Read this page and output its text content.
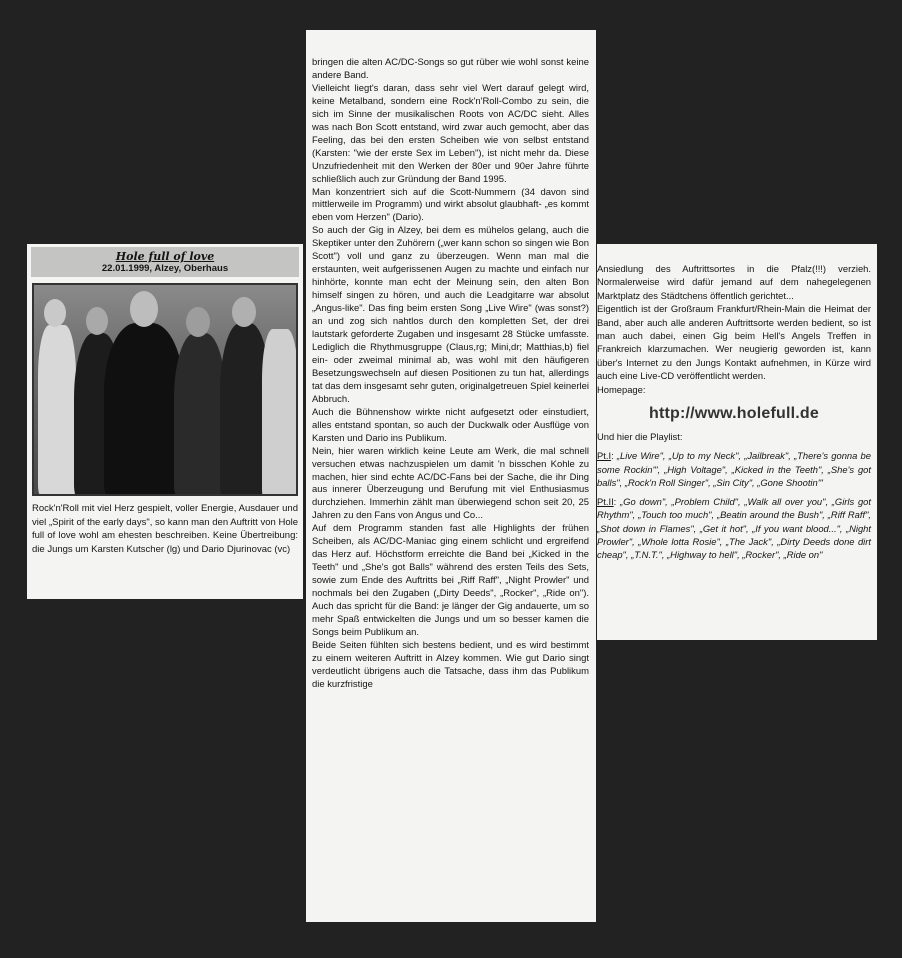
Hole full of love
22.01.1999, Alzey, Oberhaus

Rock'n'Roll mit viel Herz gespielt, voller Energie, Ausdauer und viel „Spirit of the early days", so kann man den Auftritt von Hole full of love wohl am ehesten beschreiben. Keine Übertreibung: die Jungs um Karsten Kutscher (lg) und Dario Djurinovac (vc)

bringen die alten AC/DC-Songs so gut rüber wie wohl sonst keine andere Band.

Vielleicht liegt's daran, dass sehr viel Wert darauf gelegt wird, keine Metalband, sondern eine Rock'n'Roll-Combo zu sein, die sich im Sinne der musikalischen Roots von AC/DC sieht. Alles was nach Bon Scott entstand, wird zwar auch gemocht, aber das Feeling, das bei den ersten Scheiben wie von selbst entstand (Karsten: "wie der erste Sex im Leben"), ist nicht mehr da. Diese Unzufriedenheit mit den Werken der 80er und 90er Jahre führte schließlich auch zur Gründung der Band 1995.

Man konzentriert sich auf die Scott-Nummern (34 davon sind mittlerweile im Programm) und wirkt absolut glaubhaft- „es kommt eben vom Herzen" (Dario).

So auch der Gig in Alzey, bei dem es mühelos gelang, auch die Skeptiker unter den Zuhörern („wer kann schon so singen wie Bon Scott") voll und ganz zu überzeugen. Wenn man mal die erstaunten, weit aufgerissenen Augen zu machte und einfach nur hinhörte, konnte man echt der Meinung sein, den alten Bon himself singen zu hören, und auch die Leadgitarre war absolut „Angus-like". Das fing beim ersten Song „Live Wire" (was sonst?) an und zog sich nahtlos durch den kompletten Set, der drei lautstark geforderte Zugaben und insgesamt 28 Stücke umfasste. Lediglich die Rhythmusgruppe (Claus,rg; Mini,dr; Matthias,b) fiel ein- oder zweimal minimal ab, was wohl mit den häufigeren Besetzungswechseln auf diesen Positionen zu tun hat, allerdings tat das dem insgesamt sehr guten, originalgetreuen Spiel keinerlei Abbruch.

Auch die Bühnenshow wirkte nicht aufgesetzt oder einstudiert, alles entstand spontan, so auch der Duckwalk oder Ausflüge von Karsten und Dario ins Publikum.

Nein, hier waren wirklich keine Leute am Werk, die mal schnell versuchen etwas nachzuspielen um damit 'n bisschen Kohle zu machen, hier sind echte AC/DC-Fans bei der Sache, die ihr Ding aus innerer Überzeugung und Berufung mit viel Enthusiasmus durchziehen. Immerhin zählt man überwiegend schon seit 20, 25 Jahren zu den Fans von Angus und Co...

Auf dem Programm standen fast alle Highlights der frühen Scheiben, als AC/DC-Maniac ging einem schlicht und ergreifend das Herz auf. Höchstform erreichte die Band bei „Kicked in the Teeth" und „She's got Balls" während des ersten Teils des Sets, sowie zum Ende des Auftritts bei „Riff Raff", „Night Prowler" und nochmals bei den Zugaben („Dirty Deeds", „Rocker", „Ride on"). Auch das spricht für die Band: je länger der Gig andauerte, um so mehr Spaß entwickelten die Jungs und um so besser kamen die Songs beim Publikum an.

Beide Seiten fühlten sich bestens bedient, und es wird bestimmt zu einem weiteren Auftritt in Alzey kommen. Wie gut Dario singt verdeutlicht übrigens auch die Tatsache, dass ihm das Publikum die kurzfristige

Ansiedlung des Auftrittsortes in die Pfalz(!!!) verzieh. Normalerweise wird dafür jemand auf dem nahegelegenen Marktplatz des Städtchens öffentlich gerichtet...

Eigentlich ist der Großraum Frankfurt/Rhein-Main die Heimat der Band, aber auch alle anderen Auftrittsorte werden bedient, so ist man auch dabei, einen Gig beim Hell's Angels Treffen in Frankreich klarzumachen. Wer neugierig geworden ist, kann über's Internet zu den Jungs Kontakt aufnehmen, in Kürze wird auch eine Live-CD veröffentlicht werden.

Homepage:

http://www.holefull.de

Und hier die Playlist:

Pt.I: „Live Wire", „Up to my Neck", „Jailbreak", „There's gonna be some Rockin'", „High Voltage", „Kicked in the Teeth", „She's got balls", „Rock'n Roll Singer", „Sin City", „Gone Shootin'"

Pt.II: „Go down", „Problem Child", „Walk all over you", „Girls got Rhythm", „Touch too much", „Beatin around the Bush", „Riff Raff", „Shot down in Flames", „Get it hot", „If you want blood...", „Night Prowler", „Whole lotta Rosie", „The Jack", „Dirty Deeds done dirt cheap", „T.N.T.", „Highway to hell", „Rocker", „Ride on"
